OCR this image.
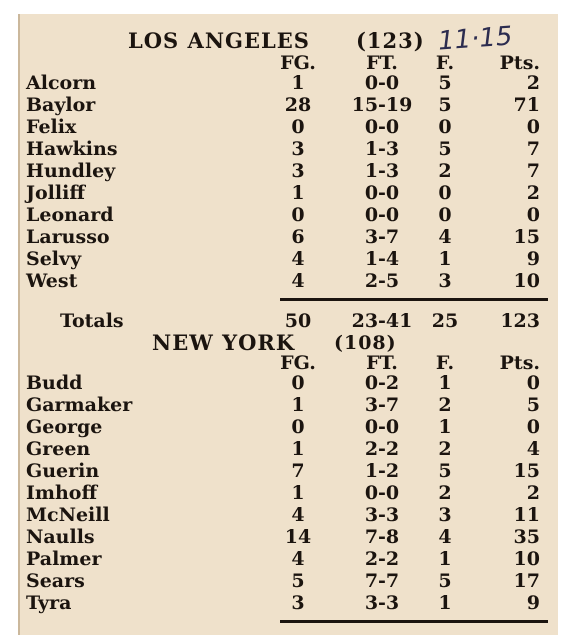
LOS ANGELES (123) 11·15
FG.	FT.	F.	Pts.
Alcorn	1	0-0	5	2
Baylor	28	15-19	5	71
Felix	0	0-0	0	0
Hawkins	3	1-3	5	7
Hundley	3	1-3	2	7
Jolliff	1	0-0	0	2
Leonard	0	0-0	0	0
Larusso	6	3-7	4	15
Selvy	4	1-4	1	9
West	4	2-5	3	10
Totals	50	23-41	25	123
NEW YORK (108)
FG.	FT.	F.	Pts.
Budd	0	0-2	1	0
Garmaker	1	3-7	2	5
George	0	0-0	1	0
Green	1	2-2	2	4
Guerin	7	1-2	5	15
Imhoff	1	0-0	2	2
McNeill	4	3-3	3	11
Naulls	14	7-8	4	35
Palmer	4	2-2	1	10
Sears	5	7-7	5	17
Tyra	3	3-3	1	9
